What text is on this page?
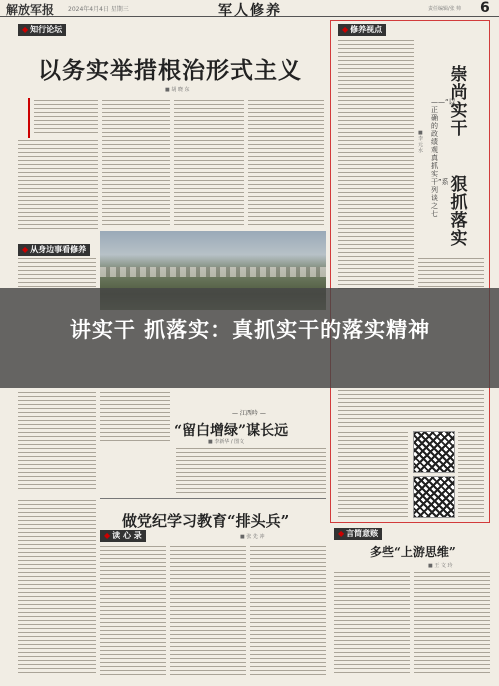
解放军报 2024年4月4日 星期三	军人修养	责任编辑/张 帅 6
◆ 知行论坛
以务实举措根治形式主义
■ 胡 晓 东
◆ 从身边事看修养
◆ 修养视点
崇尚实干
狠抓落实
——“以正确的政绩观真抓实干”系列谈之七
■ 李 元 水
讲实干 抓落实：真抓实干的落实精神
— 江西吟 —
“留白增绿”谋长远
■ 李新华 / 图文
做党纪学习教育“排头兵”
■ 张 先 冲
◆ 读 心 录	◆ 言简意赅
多些“上游思维”
■ 王 文 玲
